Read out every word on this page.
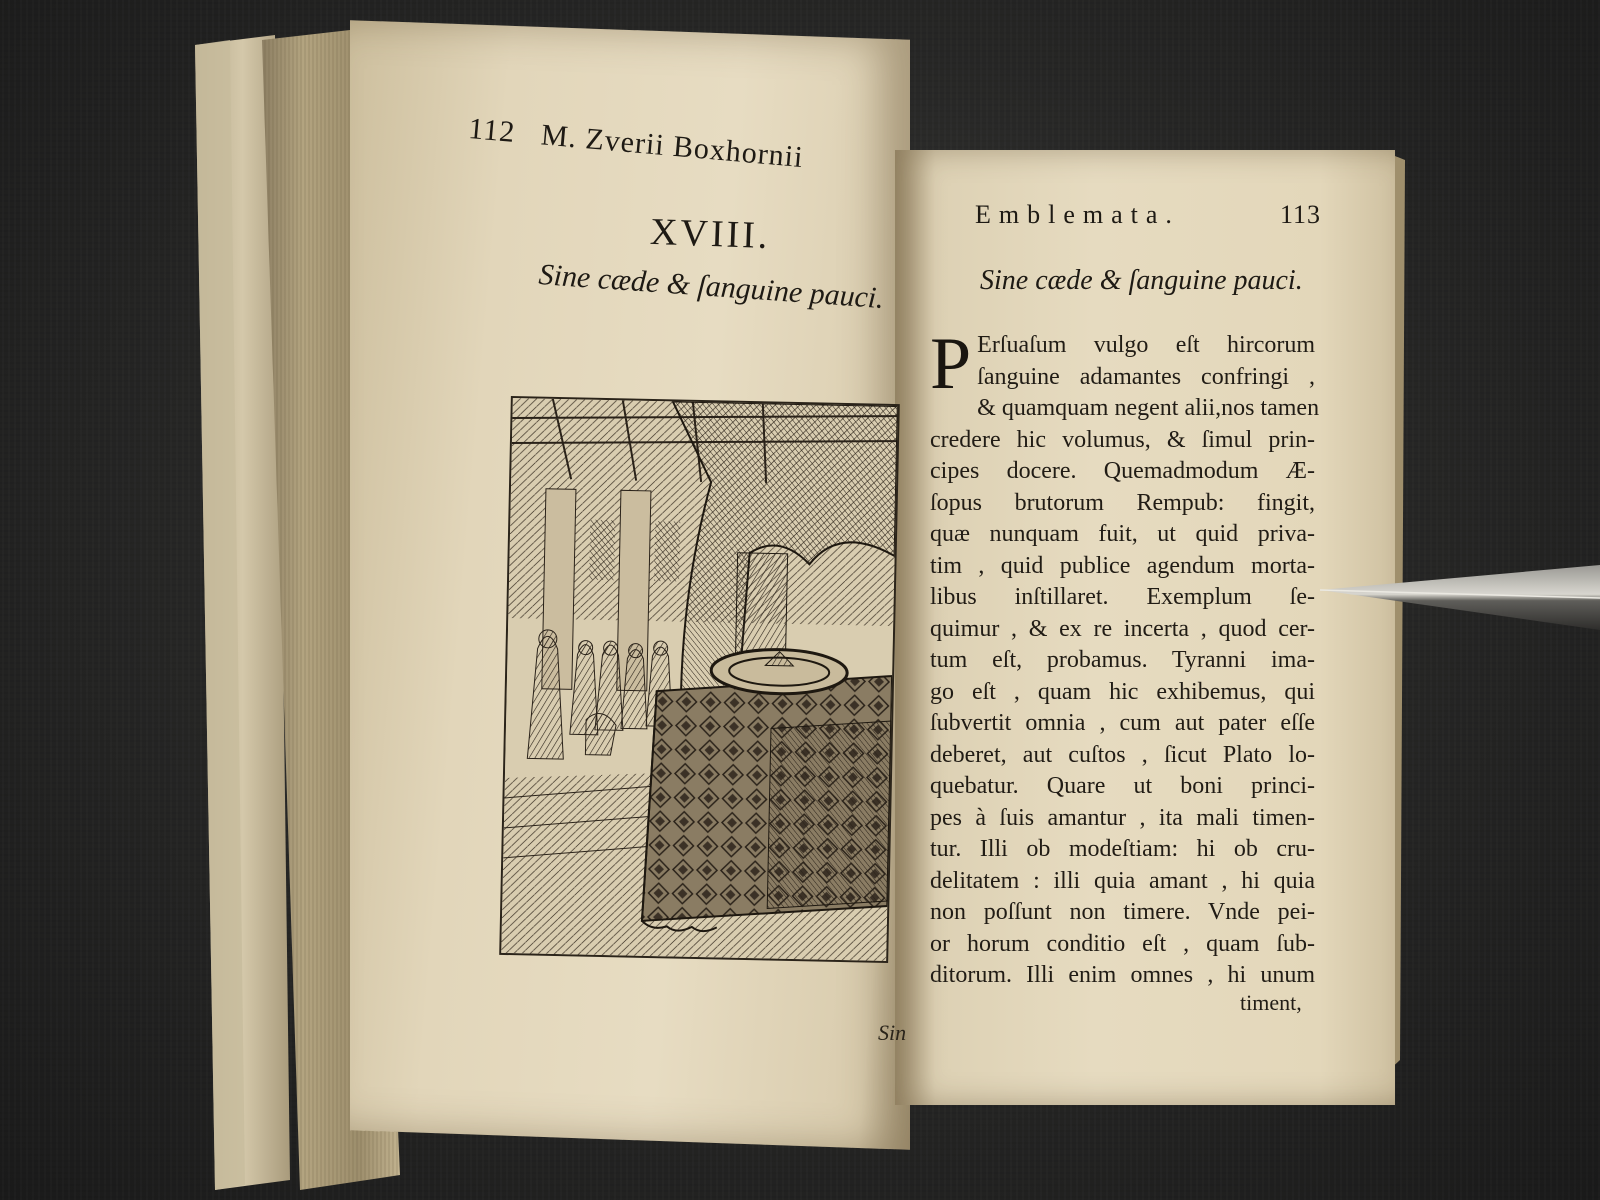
112 M. Zverii Boxhornii
XVIII.
Sine cæde & ſanguine pauci.
Sin
Emblemata.	113
Sine cæde & ſanguine pauci.
P Erſuaſum vulgo eſt hircorum
ſanguine adamantes confringi ,
& quamquam negent alii,nos tamen
credere hic volumus, & ſimul prin-
cipes docere. Quemadmodum Æ-
ſopus brutorum Rempub: fingit,
quæ nunquam fuit, ut quid priva-
tim , quid publice agendum morta-
libus inſtillaret. Exemplum ſe-
quimur , & ex re incerta , quod cer-
tum eſt, probamus. Tyranni ima-
go eſt , quam hic exhibemus, qui
ſubvertit omnia , cum aut pater eſſe
deberet, aut cuſtos , ſicut Plato lo-
quebatur. Quare ut boni princi-
pes à ſuis amantur , ita mali timen-
tur. Illi ob modeſtiam: hi ob cru-
delitatem : illi quia amant , hi quia
non poſſunt non timere. Vnde pei-
or horum conditio eſt , quam ſub-
ditorum. Illi enim omnes , hi unum
timent,
